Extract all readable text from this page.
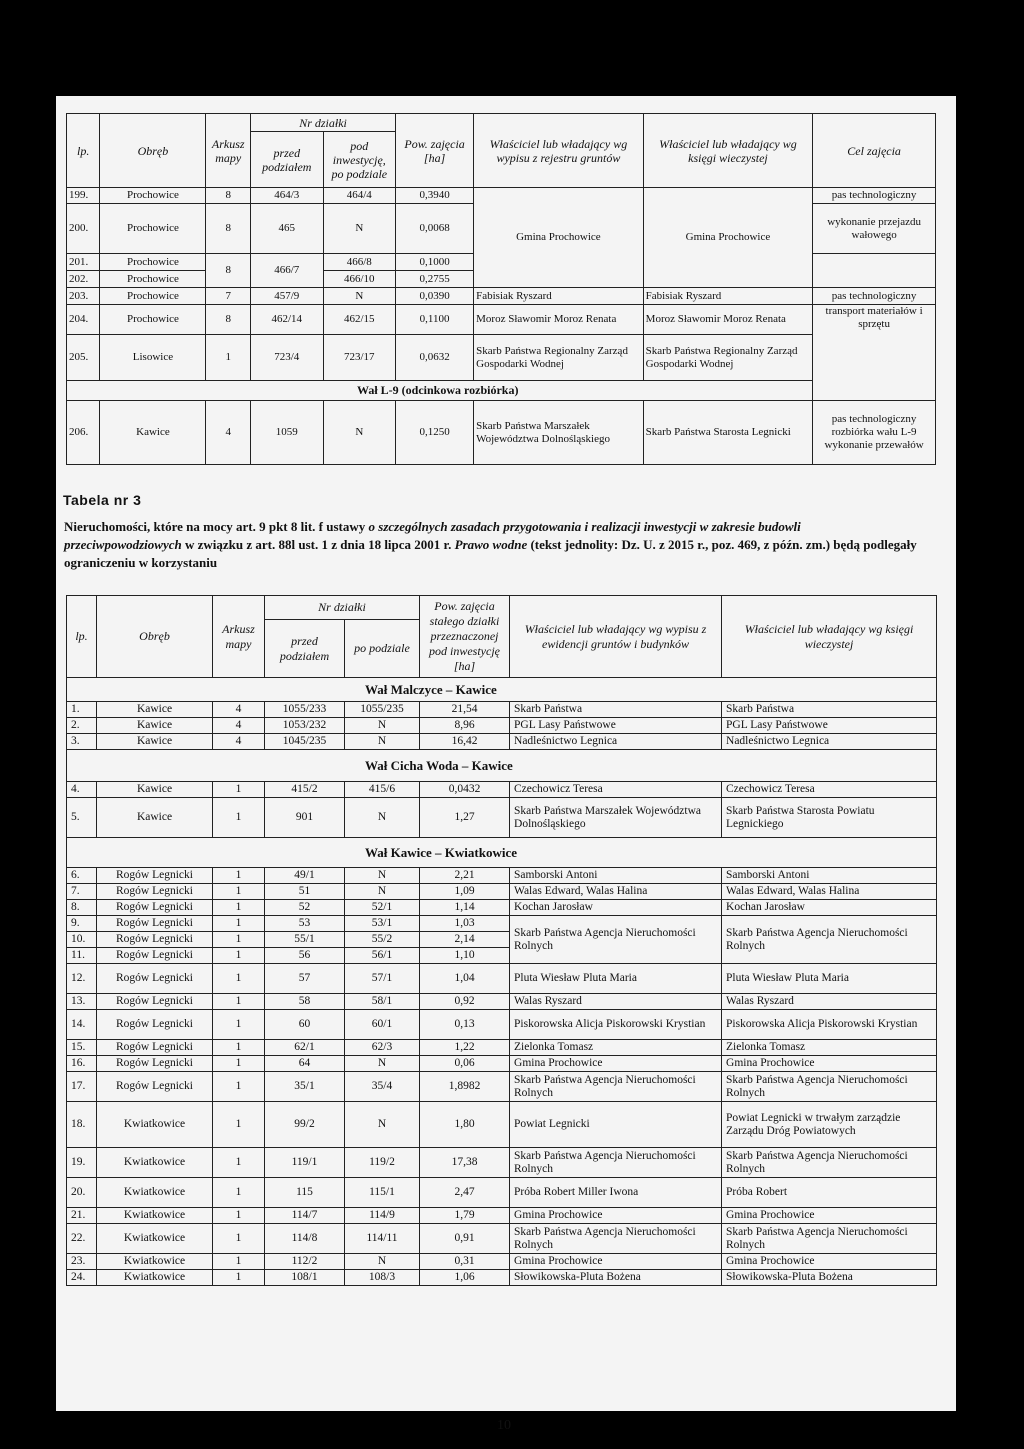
lp.	Obręb	Arkusz mapy	Nr działki		Pow. zajęcia [ha]	Właściciel lub władający wg wypisu z rejestru gruntów	Właściciel lub władający wg księgi wieczystej	Cel zajęcia
			przed podziałem	pod inwestycję, po podziale				
199.	Prochowice	8	464/3	464/4	0,3940	Gmina Prochowice	Gmina Prochowice	pas technologiczny
200.	Prochowice	8	465	N	0,0068			wykonanie przejazdu wałowego
201.	Prochowice	8	466/7	466/8	0,1000			
202.	Prochowice			466/10	0,2755			
203.	Prochowice	7	457/9	N	0,0390	Fabisiak Ryszard	Fabisiak Ryszard	pas technologiczny
204.	Prochowice	8	462/14	462/15	0,1100	Moroz Sławomir Moroz Renata	Moroz Sławomir Moroz Renata	transport materiałów i sprzętu
205.	Lisowice	1	723/4	723/17	0,0632	Skarb Państwa Regionalny Zarząd Gospodarki Wodnej	Skarb Państwa Regionalny Zarząd Gospodarki Wodnej	
Wał L-9 (odcinkowa rozbiórka)								
206.	Kawice	4	1059	N	0,1250	Skarb Państwa Marszałek Województwa Dolnośląskiego	Skarb Państwa Starosta Legnicki	pas technologiczny rozbiórka wału L-9 wykonanie przewałów
Tabela nr 3
Nieruchomości, które na mocy art. 9 pkt 8 lit. f ustawy o szczególnych zasadach przygotowania i realizacji inwestycji w zakresie budowli przeciwpowodziowych w związku z art. 88l ust. 1 z dnia 18 lipca 2001 r. Prawo wodne (tekst jednolity: Dz. U. z 2015 r., poz. 469, z późn. zm.) będą podlegały ograniczeniu w korzystaniu
lp.	Obręb	Arkusz mapy	Nr działki		Pow. zajęcia stałego działki przeznaczonej pod inwestycję [ha]	Właściciel lub władający wg wypisu z ewidencji gruntów i budynków	Właściciel lub władający wg księgi wieczystej
			przed podziałem	po podziale			
Wał Malczyce – Kawice							
1.	Kawice	4	1055/233	1055/235	21,54	Skarb Państwa	Skarb Państwa
2.	Kawice	4	1053/232	N	8,96	PGL Lasy Państwowe	PGL Lasy Państwowe
3.	Kawice	4	1045/235	N	16,42	Nadleśnictwo Legnica	Nadleśnictwo Legnica
Wał Cicha Woda – Kawice							
4.	Kawice	1	415/2	415/6	0,0432	Czechowicz Teresa	Czechowicz Teresa
5.	Kawice	1	901	N	1,27	Skarb Państwa Marszałek Województwa Dolnośląskiego	Skarb Państwa Starosta Powiatu Legnickiego
Wał Kawice – Kwiatkowice							
6.	Rogów Legnicki	1	49/1	N	2,21	Samborski Antoni	Samborski Antoni
7.	Rogów Legnicki	1	51	N	1,09	Walas Edward, Walas Halina	Walas Edward, Walas Halina
8.	Rogów Legnicki	1	52	52/1	1,14	Kochan Jarosław	Kochan Jarosław
9.	Rogów Legnicki	1	53	53/1	1,03	Skarb Państwa Agencja Nieruchomości Rolnych	Skarb Państwa Agencja Nieruchomości Rolnych
10.	Rogów Legnicki	1	55/1	55/2	2,14		
11.	Rogów Legnicki	1	56	56/1	1,10		
12.	Rogów Legnicki	1	57	57/1	1,04	Pluta Wiesław Pluta Maria	Pluta Wiesław Pluta Maria
13.	Rogów Legnicki	1	58	58/1	0,92	Walas Ryszard	Walas Ryszard
14.	Rogów Legnicki	1	60	60/1	0,13	Piskorowska Alicja Piskorowski Krystian	Piskorowska Alicja Piskorowski Krystian
15.	Rogów Legnicki	1	62/1	62/3	1,22	Zielonka Tomasz	Zielonka Tomasz
16.	Rogów Legnicki	1	64	N	0,06	Gmina Prochowice	Gmina Prochowice
17.	Rogów Legnicki	1	35/1	35/4	1,8982	Skarb Państwa Agencja Nieruchomości Rolnych	Skarb Państwa Agencja Nieruchomości Rolnych
18.	Kwiatkowice	1	99/2	N	1,80	Powiat Legnicki	Powiat Legnicki w trwałym zarządzie Zarządu Dróg Powiatowych
19.	Kwiatkowice	1	119/1	119/2	17,38	Skarb Państwa Agencja Nieruchomości Rolnych	Skarb Państwa Agencja Nieruchomości Rolnych
20.	Kwiatkowice	1	115	115/1	2,47	Próba Robert Miller Iwona	Próba Robert
21.	Kwiatkowice	1	114/7	114/9	1,79	Gmina Prochowice	Gmina Prochowice
22.	Kwiatkowice	1	114/8	114/11	0,91	Skarb Państwa Agencja Nieruchomości Rolnych	Skarb Państwa Agencja Nieruchomości Rolnych
23.	Kwiatkowice	1	112/2	N	0,31	Gmina Prochowice	Gmina Prochowice
24.	Kwiatkowice	1	108/1	108/3	1,06	Słowikowska-Pluta Bożena	Słowikowska-Pluta Bożena
10
